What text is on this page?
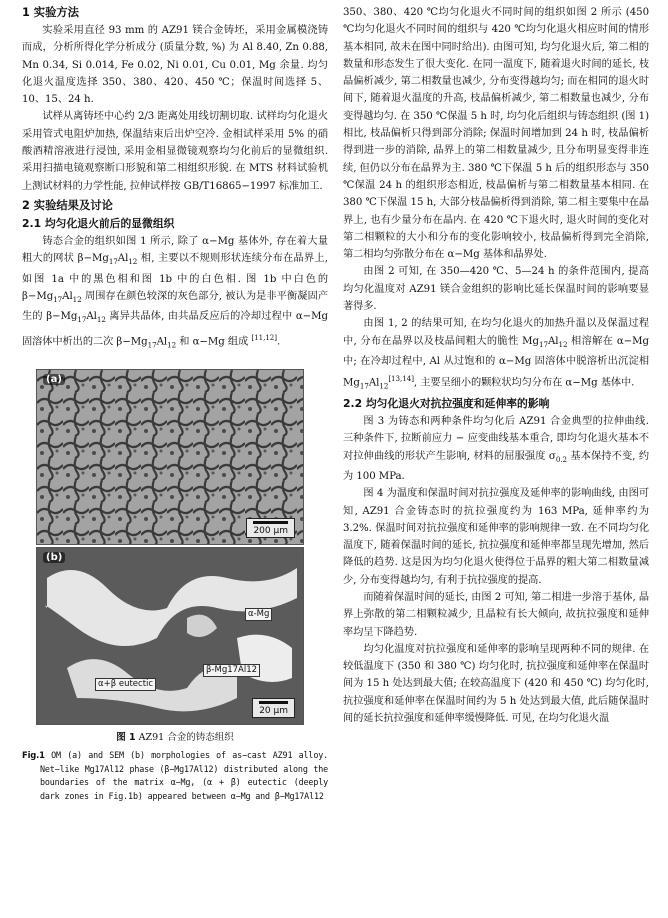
1 实验方法
实验采用直径 93 mm 的 AZ91 镁合金铸坯，采用金属模浇铸而成，分析所得化学分析成分 (质量分数, %) 为 Al 8.40, Zn 0.88, Mn 0.34, Si 0.014, Fe 0.02, Ni 0.01, Cu 0.01, Mg 余量. 均匀化退火温度选择 350、380、420、450 ℃；保温时间选择 5、10、15、24 h.
试样从离铸坯中心约 2/3 距离处用线切割切取. 试样均匀化退火采用管式电阻炉加热, 保温结束后出炉空冷. 金相试样采用 5% 的硝酸酒精溶液进行浸蚀, 采用金相显微镜观察均匀化前后的显微组织. 采用扫描电镜观察断口形貌和第二相组织形貌. 在 MTS 材料试验机上测试材料的力学性能, 拉伸试样按 GB/T16865−1997 标准加工.
2 实验结果及讨论
2.1 均匀化退火前后的显微组织
铸态合金的组织如图 1 所示, 除了 α−Mg 基体外, 存在着大量粗大的网状 $\beta-Mg_{17}Al_{12}$ 相, 主要以不规则形状连续分布在晶界上, 如图 1a 中的黑色相和图 1b 中的白色相. 图 1b 中白色的 $\beta-Mg_{17}Al_{12}$ 周围存在颜色较深的灰色部分, 被认为是非平衡凝固产生的 $\beta-Mg_{17}Al_{12}$ 离异共晶体, 由共晶反应后的冷却过程中 α−Mg 固溶体中析出的二次 $\beta-Mg_{17}Al_{12}$ 和 α−Mg 组成 [11,12].
(a)
200 μm
(b)
α-Mg
β-Mg17Al12
α+β eutectic
20 μm
图 1 AZ91 合金的铸态组织
Fig.1 OM (a) and SEM (b) morphologies of as−cast AZ91 alloy. Net−like Mg17Al12 phase (β−Mg17Al12) distributed along the boundaries of the matrix α−Mg, (α + β) eutectic (deeply dark zones in Fig.1b) appeared between α−Mg and β−Mg17Al12
350、380、420 ℃均匀化退火不同时间的组织如图 2 所示 (450 ℃均匀化退火不同时间的组织与 420 ℃均匀化退火相应时间的情形基本相同, 故未在图中同时给出). 由图可知, 均匀化退火后, 第二相的数量和形态发生了很大变化. 在同一温度下, 随着退火时间的延长, 枝晶偏析减少, 第二相数量也减少, 分布变得越均匀; 而在相同的退火时间下, 随着退火温度的升高, 枝晶偏析减少, 第二相数量也减少, 分布变得越均匀. 在 350 ℃保温 5 h 时, 均匀化后组织与铸态组织 (图 1) 相比, 枝晶偏析只得到部分消除; 保温时间增加到 24 h 时, 枝晶偏析得到进一步的消除, 晶界上的第二相数量减少, 且分布明显变得非连续, 但仍以分布在晶界为主. 380 ℃下保温 5 h 后的组织形态与 350 ℃保温 24 h 的组织形态相近, 枝晶偏析与第二相数量基本相同. 在 380 ℃下保温 15 h, 大部分枝晶偏析得到消除, 第二相主要集中在晶界上, 也有少量分布在晶内. 在 420 ℃下退火时, 退火时间的变化对第二相颗粒的大小和分布的变化影响较小, 枝晶偏析得到完全消除, 第二相均匀弥散分布在 α−Mg 基体和晶界处.
由图 2 可知, 在 350—420 ℃、5—24 h 的条件范围内, 提高均匀化温度对 AZ91 镁合金组织的影响比延长保温时间的影响要显著得多.
由图 1, 2 的结果可知, 在均匀化退火的加热升温以及保温过程中, 分布在晶界以及枝晶间粗大的脆性 $Mg_{17}Al_{12}$ 相溶解在 α−Mg 中; 在冷却过程中, Al 从过饱和的 α−Mg 固溶体中脱溶析出沉淀相 $Mg_{17}Al_{12}[13,14]$, 主要呈细小的颗粒状均匀分布在 α−Mg 基体中.
2.2 均匀化退火对抗拉强度和延伸率的影响
图 3 为铸态和两种条件均匀化后 AZ91 合金典型的拉伸曲线. 三种条件下, 拉断前应力 − 应变曲线基本重合, 即均匀化退火基本不对拉伸曲线的形状产生影响, 材料的屈服强度 $\sigma_{0.2}$ 基本保持不变, 约为 100 MPa.
图 4 为温度和保温时间对抗拉强度及延伸率的影响曲线, 由图可知, AZ91 合金铸态时的抗拉强度约为 163 MPa, 延伸率约为 3.2%. 保温时间对抗拉强度和延伸率的影响规律一致. 在不同均匀化温度下, 随着保温时间的延长, 抗拉强度和延伸率都呈现先增加, 然后降低的趋势. 这是因为均匀化退火使得位于晶界的粗大第二相数量减少, 分布变得越均匀, 有利于抗拉强度的提高.
而随着保温时间的延长, 由图 2 可知, 第二相进一步溶于基体, 晶界上弥散的第二相颗粒减少, 且晶粒有长大倾向, 故抗拉强度和延伸率均呈下降趋势.
均匀化温度对抗拉强度和延伸率的影响呈现两种不同的规律. 在较低温度下 (350 和 380 ℃) 均匀化时, 抗拉强度和延伸率在保温时间为 15 h 处达到最大值; 在较高温度下 (420 和 450 ℃) 均匀化时, 抗拉强度和延伸率在保温时间约为 5 h 处达到最大值, 此后随保温时间的延长抗拉强度和延伸率缓慢降低. 可见, 在均匀化退火温
